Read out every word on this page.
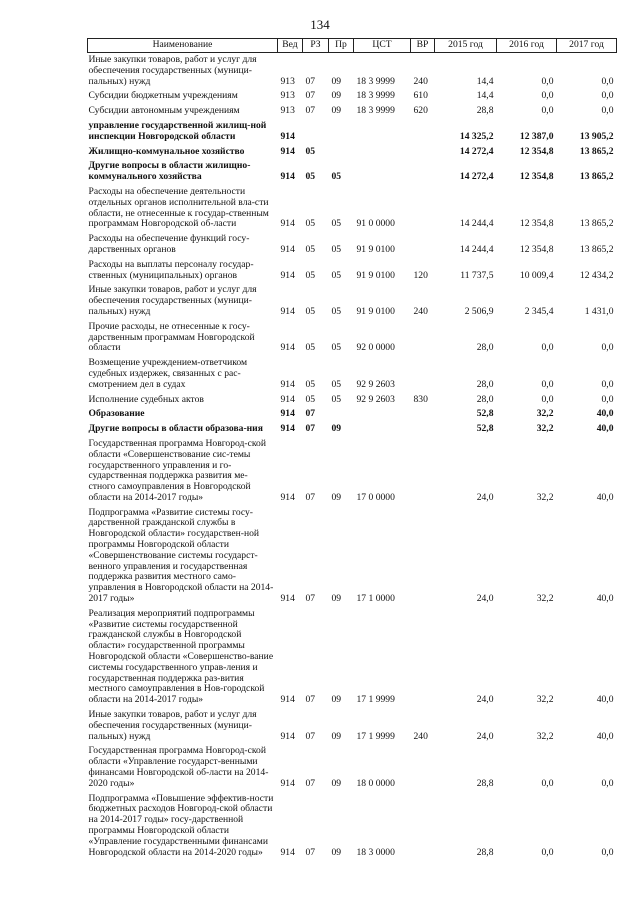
134
Наименование	Вед	РЗ	Пр	ЦСТ	ВР	2015 год	2016 год	2017 год
Иные закупки товаров, работ и услуг для обеспечения государственных (муници-пальных) нужд	913	07	09	18 3 9999	240	14,4	0,0	0,0
Субсидии бюджетным учреждениям	913	07	09	18 3 9999	610	14,4	0,0	0,0
Субсидии автономным учреждениям	913	07	09	18 3 9999	620	28,8	0,0	0,0
управление государственной жилищ-ной инспекции Новгородской области	914					14 325,2	12 387,0	13 905,2
Жилищно-коммунальное хозяйство	914	05				14 272,4	12 354,8	13 865,2
Другие вопросы в области жилищно-коммунального хозяйства	914	05	05			14 272,4	12 354,8	13 865,2
Расходы на обеспечение деятельности отдельных органов исполнительной вла-сти области, не отнесенные к государ-ственным программам Новгородской об-ласти	914	05	05	91 0 0000		14 244,4	12 354,8	13 865,2
Расходы на обеспечение функций госу-дарственных органов	914	05	05	91 9 0100		14 244,4	12 354,8	13 865,2
Расходы на выплаты персоналу государ-ственных (муниципальных) органов	914	05	05	91 9 0100	120	11 737,5	10 009,4	12 434,2
Иные закупки товаров, работ и услуг для обеспечения государственных (муници-пальных) нужд	914	05	05	91 9 0100	240	2 506,9	2 345,4	1 431,0
Прочие расходы, не отнесенные к госу-дарственным программам Новгородской области	914	05	05	92 0 0000		28,0	0,0	0,0
Возмещение учреждением-ответчиком судебных издержек, связанных с рас-смотрением дел в судах	914	05	05	92 9 2603		28,0	0,0	0,0
Исполнение судебных актов	914	05	05	92 9 2603	830	28,0	0,0	0,0
Образование	914	07				52,8	32,2	40,0
Другие вопросы в области образова-ния	914	07	09			52,8	32,2	40,0
Государственная программа Новгород-ской области «Совершенствование сис-темы государственного управления и го-сударственная поддержка развития ме-стного самоуправления в Новгородской области на 2014-2017 годы»	914	07	09	17 0 0000		24,0	32,2	40,0
Подпрограмма «Развитие системы госу-дарственной гражданской службы в Новгородской области» государствен-ной программы Новгородской области «Совершенствование системы государст-венного управления и государственная поддержка развития местного само-управления в Новгородской области на 2014-2017 годы»	914	07	09	17 1 0000		24,0	32,2	40,0
Реализация мероприятий подпрограммы «Развитие системы государственной гражданской службы в Новгородской области» государственной программы Новгородской области «Совершенство-вание системы государственного управ-ления и государственная поддержка раз-вития местного самоуправления в Нов-городской области на 2014-2017 годы»	914	07	09	17 1 9999		24,0	32,2	40,0
Иные закупки товаров, работ и услуг для обеспечения государственных (муници-пальных) нужд	914	07	09	17 1 9999	240	24,0	32,2	40,0
Государственная программа Новгород-ской области «Управление государст-венными финансами Новгородской об-ласти на 2014-2020 годы»	914	07	09	18 0 0000		28,8	0,0	0,0
Подпрограмма «Повышение эффектив-ности бюджетных расходов Новгород-ской области на 2014-2017 годы» госу-дарственной программы Новгородской области «Управление государственными финансами Новгородской области на 2014-2020 годы»	914	07	09	18 3 0000		28,8	0,0	0,0
